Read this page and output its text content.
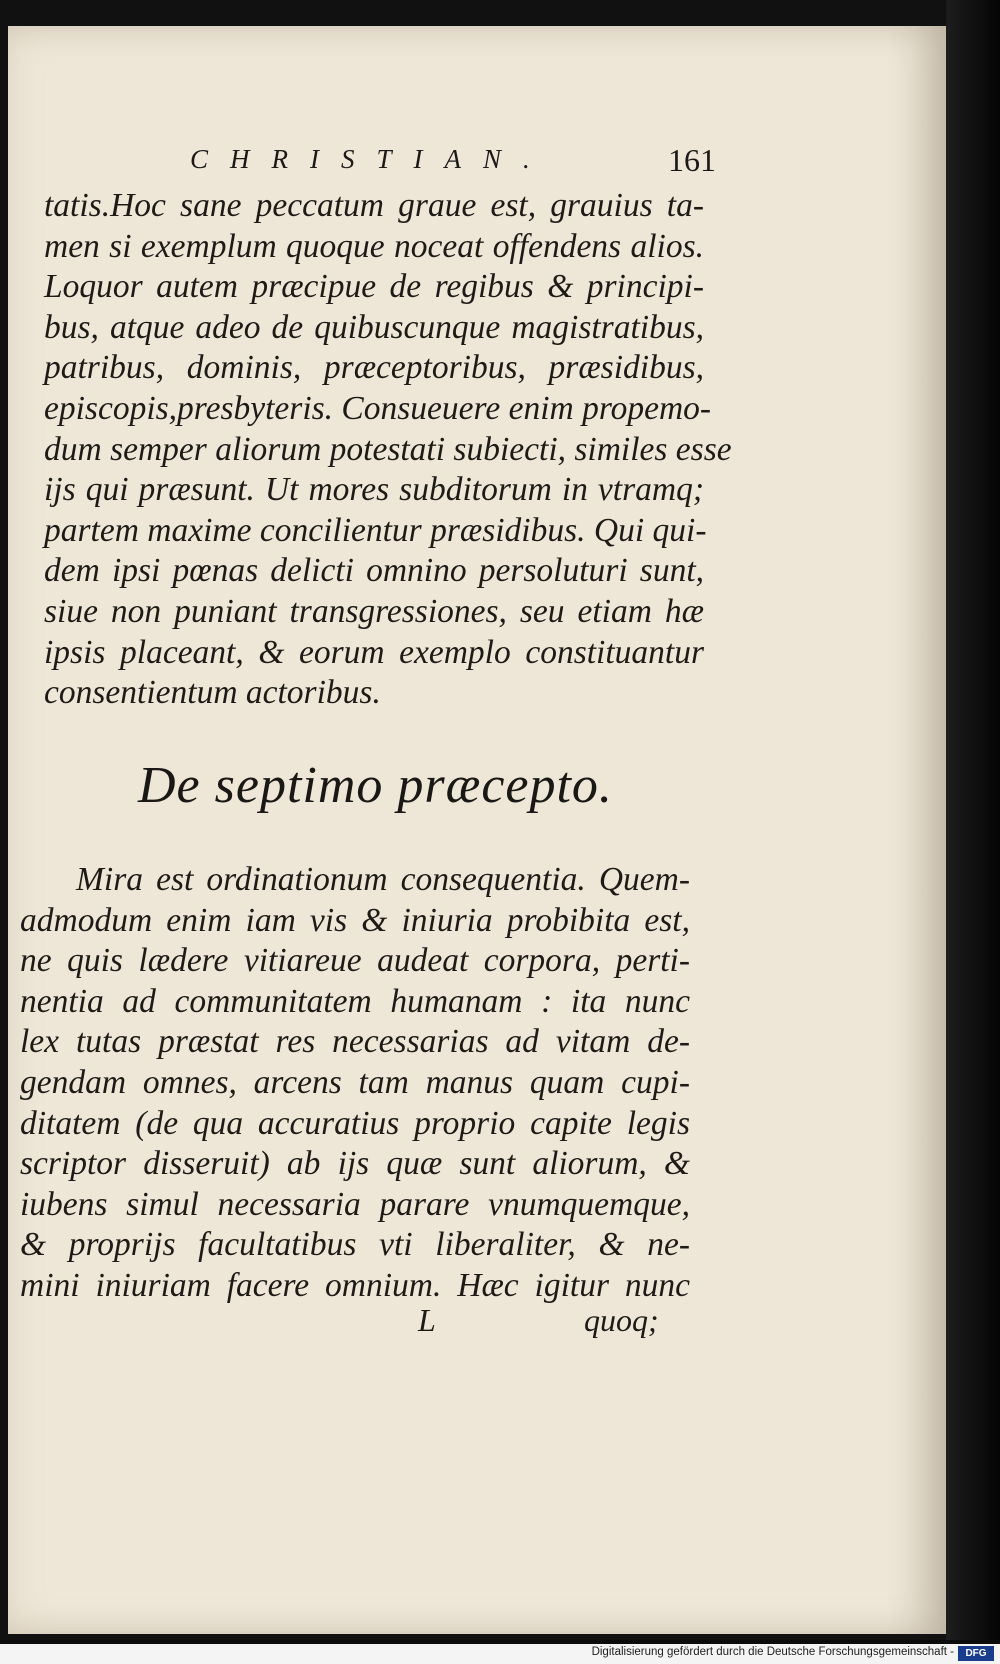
CHRISTIAN.	161
tatis.Hoc sane peccatum graue est, grauius ta-
men si exemplum quoque noceat offendens alios.
Loquor autem præcipue de regibus & principi-
bus, atque adeo de quibuscunque magistratibus,
patribus, dominis, præceptoribus, præsidibus,
episcopis,presbyteris. Consueuere enim propemo-
dum semper aliorum potestati subiecti, similes esse
ijs qui præsunt. Ut mores subditorum in vtramq;
partem maxime concilientur præsidibus. Qui qui-
dem ipsi pœnas delicti omnino persoluturi sunt,
siue non puniant transgressiones, seu etiam hæ
ipsis placeant, & eorum exemplo constituantur
consentientum actoribus.
De septimo præcepto.
Mira est ordinationum consequentia. Quem-
admodum enim iam vis & iniuria probibita est,
ne quis lædere vitiareue audeat corpora, perti-
nentia ad communitatem humanam : ita nunc
lex tutas præstat res necessarias ad vitam de-
gendam omnes, arcens tam manus quam cupi-
ditatem (de qua accuratius proprio capite legis
scriptor disseruit) ab ijs quæ sunt aliorum, &
iubens simul necessaria parare vnumquemque,
& proprijs facultatibus vti liberaliter, & ne-
mini iniuriam facere omnium. Hæc igitur nunc
L	quoq;
Digitalisierung gefördert durch die Deutsche Forschungsgemeinschaft -	DFG
